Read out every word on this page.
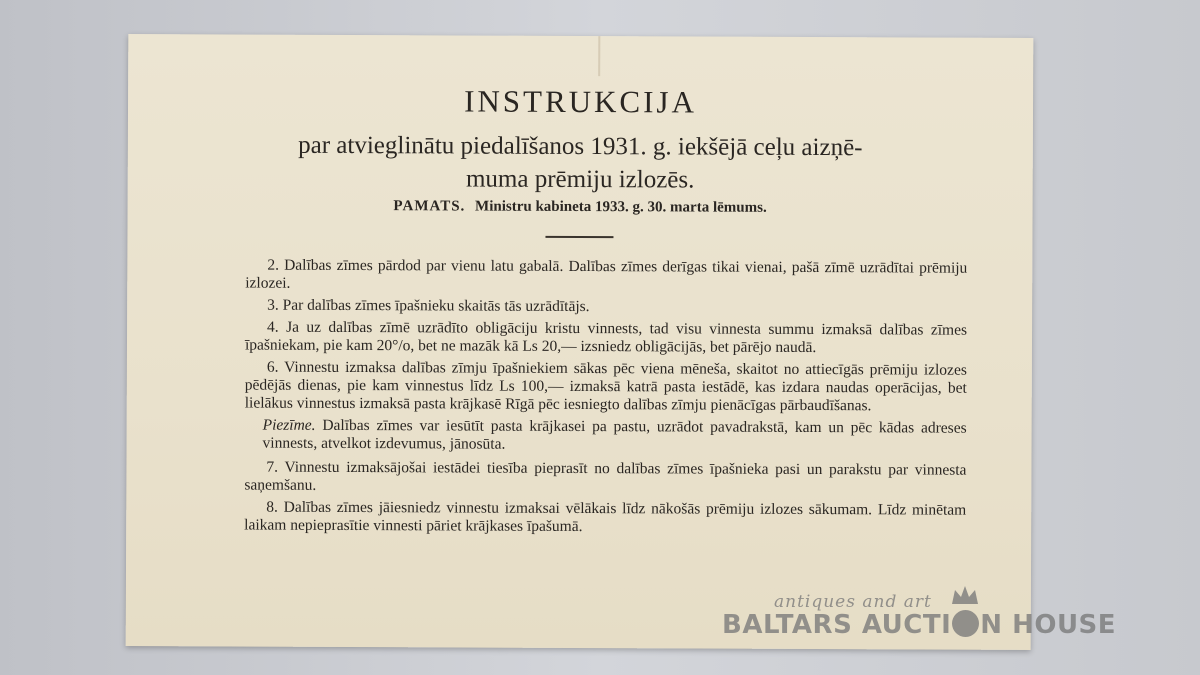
INSTRUKCIJA
par atvieglinātu piedalīšanos 1931. g. iekšējā ceļu aizņē-
muma prēmiju izlozēs.
PAMATS. Ministru kabineta 1933. g. 30. marta lēmums.

2. Dalības zīmes pārdod par vienu latu gabalā. Dalības zīmes derīgas tikai vienai, pašā zīmē uzrādītai prēmiju izlozei.

3. Par dalības zīmes īpašnieku skaitās tās uzrādītājs.

4. Ja uz dalības zīmē uzrādīto obligāciju kristu vinnests, tad visu vinnesta summu izmaksā dalības zīmes īpašniekam, pie kam 20°/o, bet ne mazāk kā Ls 20,— izsniedz obligācijās, bet pārējo naudā.

6. Vinnestu izmaksa dalības zīmju īpašniekiem sākas pēc viena mēneša, skaitot no attiecīgās prēmiju izlozes pēdējās dienas, pie kam vinnestus līdz Ls 100,— izmaksā katrā pasta iestādē, kas izdara naudas operācijas, bet lielākus vinnestus izmaksā pasta krājkasē Rīgā pēc iesniegto dalības zīmju pienācīgas pārbaudīšanas.

Piezīme. Dalības zīmes var iesūtīt pasta krājkasei pa pastu, uzrādot pavadrakstā, kam un pēc kādas adreses vinnests, atvelkot izdevumus, jānosūta.

7. Vinnestu izmaksājošai iestādei tiesība pieprasīt no dalības zīmes īpašnieka pasi un parakstu par vinnesta saņemšanu.

8. Dalības zīmes jāiesniedz vinnestu izmaksai vēlākais līdz nākošās prēmiju izlozes sākumam. Līdz minētam laikam nepieprasītie vinnesti pāriet krājkases īpašumā.

antiques and art
BALTARS AUCTI N HOUSE
